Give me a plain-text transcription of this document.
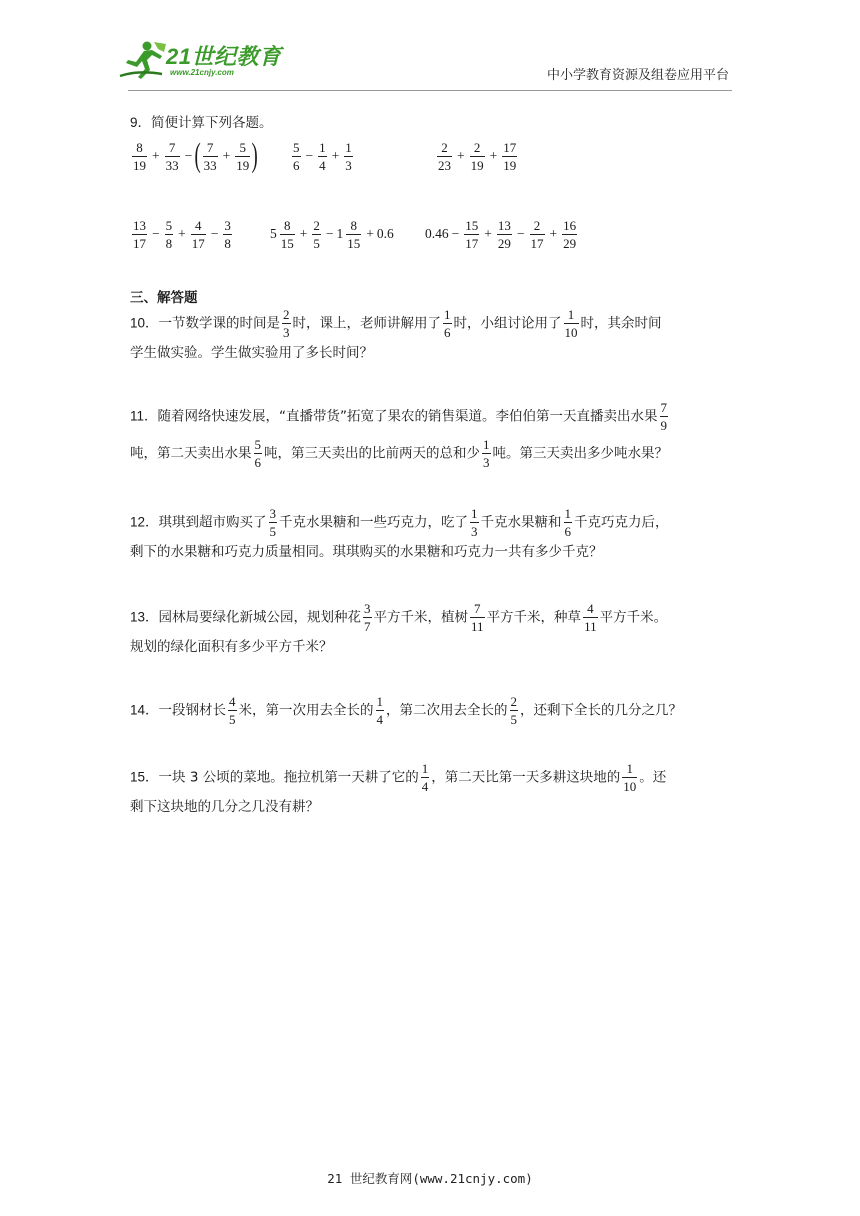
21世纪教育
www.21cnjy.com	中小学教育资源及组卷应用平台
9．简便计算下列各题。
$\frac{8}{19} + \frac{7}{33}$ − ( $\frac{7}{33} + \frac{5}{19}$ )	$\frac{5}{6} - \frac{1}{4} + \frac{1}{3}$	$\frac{2}{23} + \frac{2}{19} + \frac{17}{19}$
$\frac{13}{17} - \frac{5}{8} + \frac{4}{17} - \frac{3}{8}$	$5 \frac{8}{15} + \frac{2}{5} - 1 \frac{8}{15} + 0.6$ $0.46 - \frac{15}{17} + \frac{13}{29} - \frac{2}{17} + \frac{16}{29}$
三、解答题
10．一节数学课的时间是 $\frac{2}{3}$ 时，课上，老师讲解用了 $\frac{1}{6}$ 时，小组讨论用了 $\frac{1}{10}$ 时，其余时间
学生做实验。学生做实验用了多长时间？
11．随着网络快速发展，“直播带货”拓宽了果农的销售渠道。李伯伯第一天直播卖出水果 $\frac{7}{9}$
吨，第二天卖出水果 $\frac{5}{6}$ 吨，第三天卖出的比前两天的总和少 $\frac{1}{3}$ 吨。第三天卖出多少吨水果？
12．琪琪到超市购买了 $\frac{3}{5}$ 千克水果糖和一些巧克力，吃了 $\frac{1}{3}$ 千克水果糖和 $\frac{1}{6}$ 千克巧克力后，
剩下的水果糖和巧克力质量相同。琪琪购买的水果糖和巧克力一共有多少千克？
13．园林局要绿化新城公园，规划种花 $\frac{3}{7}$ 平方千米，植树 $\frac{7}{11}$ 平方千米，种草 $\frac{4}{11}$ 平方千米。
规划的绿化面积有多少平方千米？
14．一段钢材长 $\frac{4}{5}$ 米，第一次用去全长的 $\frac{1}{4}$ ，第二次用去全长的 $\frac{2}{5}$ ，还剩下全长的几分之几？
15．一块 3 公顷的菜地。拖拉机第一天耕了它的 $\frac{1}{4}$ ，第二天比第一天多耕这块地的 $\frac{1}{10}$ 。还
剩下这块地的几分之几没有耕？
21 世纪教育网(www.21cnjy.com)
